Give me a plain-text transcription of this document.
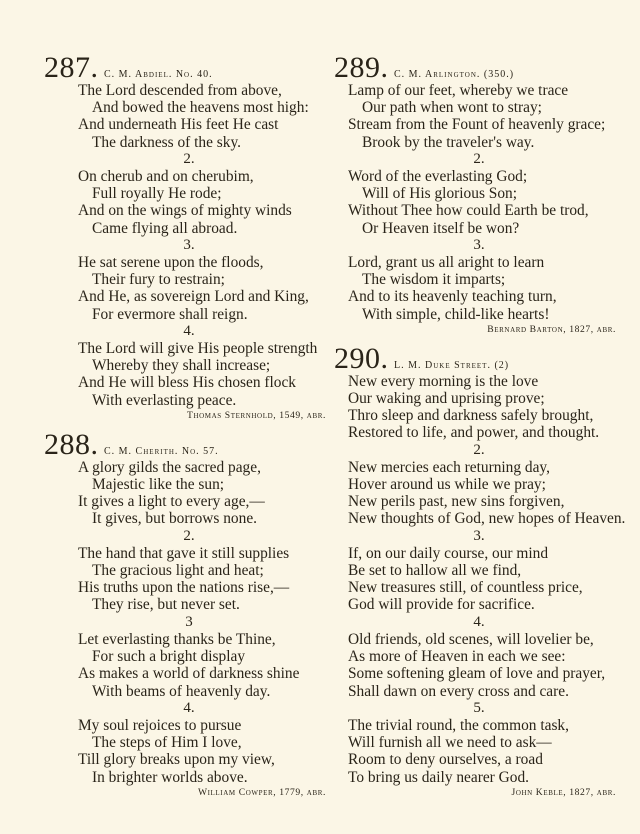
287. C. M. Abdiel. No. 40.
The Lord descended from above,
And bowed the heavens most high:
And underneath His feet He cast
The darkness of the sky.
2.
On cherub and on cherubim,
Full royally He rode;
And on the wings of mighty winds
Came flying all abroad.
3.
He sat serene upon the floods,
Their fury to restrain;
And He, as sovereign Lord and King,
For evermore shall reign.
4.
The Lord will give His people strength
Whereby they shall increase;
And He will bless His chosen flock
With everlasting peace.
Thomas Sternhold, 1549, abr.
288. C. M. Cherith. No. 57.
A glory gilds the sacred page,
Majestic like the sun;
It gives a light to every age,—
It gives, but borrows none.
2.
The hand that gave it still supplies
The gracious light and heat;
His truths upon the nations rise,—
They rise, but never set.
3
Let everlasting thanks be Thine,
For such a bright display
As makes a world of darkness shine
With beams of heavenly day.
4.
My soul rejoices to pursue
The steps of Him I love,
Till glory breaks upon my view,
In brighter worlds above.
William Cowper, 1779, abr.
289. C. M. Arlington. (350.)
Lamp of our feet, whereby we trace
Our path when wont to stray;
Stream from the Fount of heavenly grace;
Brook by the traveler's way.
2.
Word of the everlasting God;
Will of His glorious Son;
Without Thee how could Earth be trod,
Or Heaven itself be won?
3.
Lord, grant us all aright to learn
The wisdom it imparts;
And to its heavenly teaching turn,
With simple, child-like hearts!
Bernard Barton, 1827, abr.
290. L. M. Duke Street. (2)
New every morning is the love
Our waking and uprising prove;
Thro sleep and darkness safely brought,
Restored to life, and power, and thought.
2.
New mercies each returning day,
Hover around us while we pray;
New perils past, new sins forgiven,
New thoughts of God, new hopes of Heaven.
3.
If, on our daily course, our mind
Be set to hallow all we find,
New treasures still, of countless price,
God will provide for sacrifice.
4.
Old friends, old scenes, will lovelier be,
As more of Heaven in each we see:
Some softening gleam of love and prayer,
Shall dawn on every cross and care.
5.
The trivial round, the common task,
Will furnish all we need to ask—
Room to deny ourselves, a road
To bring us daily nearer God.
John Keble, 1827, abr.
